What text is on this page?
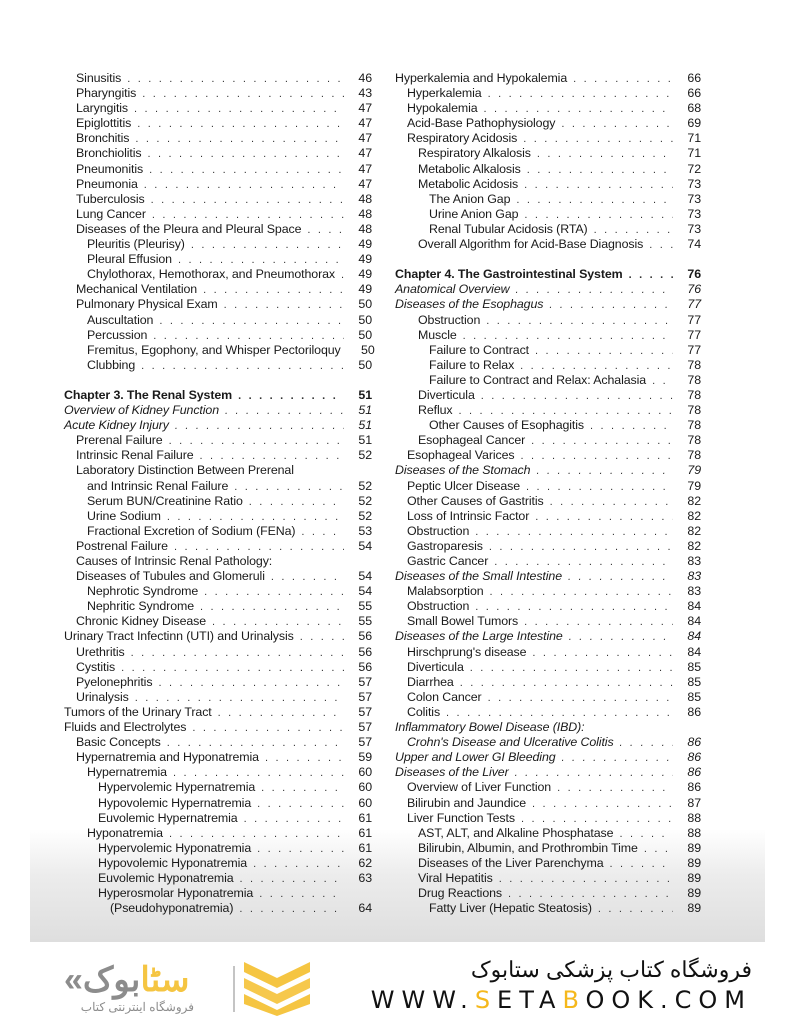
Sinusitis . . .	46
Pharyngitis . . .	43
Laryngitis . . .	47
Epiglottitis . . .	47
Bronchitis . . .	47
Bronchiolitis . . .	47
Pneumonitis . . .	47
Pneumonia . . .	47
Tuberculosis . . .	48
Lung Cancer . . .	48
Diseases of the Pleura and Pleural Space . . .	48
Pleuritis (Pleurisy) . . .	49
Pleural Effusion . . .	49
Chylothorax, Hemothorax, and Pneumothorax . . .	49
Mechanical Ventilation . . .	49
Pulmonary Physical Exam . . .	50
Auscultation . . .	50
Percussion . . .	50
Fremitus, Egophony, and Whisper Pectoriloquy	50
Clubbing . . .	50
Chapter 3. The Renal System . . .	51
Overview of Kidney Function . . .	51
Acute Kidney Injury . . .	51
Prerenal Failure . . .	51
Intrinsic Renal Failure . . .	52
Laboratory Distinction Between Prerenal
and Intrinsic Renal Failure . . .	52
Serum BUN/Creatinine Ratio . . .	52
Urine Sodium . . .	52
Fractional Excretion of Sodium (FENa) . . .	53
Postrenal Failure . . .	54
Causes of Intrinsic Renal Pathology:
Diseases of Tubules and Glomeruli . . .	54
Nephrotic Syndrome . . .	54
Nephritic Syndrome . . .	55
Chronic Kidney Disease . . .	55
Urinary Tract Infectinn (UTI) and Urinalysis . . .	56
Urethritis . . .	56
Cystitis . . .	56
Pyelonephritis . . .	57
Urinalysis . . .	57
Tumors of the Urinary Tract . . .	57
Fluids and Electrolytes . . .	57
Basic Concepts . . .	57
Hypernatremia and Hyponatremia . . .	59
Hypernatremia . . .	60
Hypervolemic Hypernatremia . . .	60
Hypovolemic Hypernatremia . . .	60
Euvolemic Hypernatremia . . .	61
Hyponatremia . . .	61
Hypervolemic Hyponatremia . . .	61
Hypovolemic Hyponatremia . . .	62
Euvolemic Hyponatremia . . .	63
Hyperosmolar Hyponatremia
. . .
(Pseudohyponatremia) . . .	64
Hyperkalemia and Hypokalemia . . .	66
Hyperkalemia . . .	66
Hypokalemia . . .	68
Acid-Base Pathophysiology . . .	69
Respiratory Acidosis . . .	71
Respiratory Alkalosis . . .	71
Metabolic Alkalosis . . .	72
Metabolic Acidosis . . .	73
The Anion Gap . . .	73
Urine Anion Gap . . .	73
Renal Tubular Acidosis (RTA) . . .	73
Overall Algorithm for Acid-Base Diagnosis . . .	74
Chapter 4. The Gastrointestinal System . . .	76
Anatomical Overview . . .	76
Diseases of the Esophagus . . .	77
Obstruction . . .	77
Muscle . . .	77
Failure to Contract . . .	77
Failure to Relax . . .	78
Failure to Contract and Relax: Achalasia . . .	78
Diverticula . . .	78
Reflux . . .	78
Other Causes of Esophagitis . . .	78
Esophageal Cancer . . .	78
Esophageal Varices . . .	78
Diseases of the Stomach . . .	79
Peptic Ulcer Disease . . .	79
Other Causes of Gastritis . . .	82
Loss of Intrinsic Factor . . .	82
Obstruction . . .	82
Gastroparesis . . .	82
Gastric Cancer . . .	83
Diseases of the Small Intestine . . .	83
Malabsorption . . .	83
Obstruction . . .	84
Small Bowel Tumors . . .	84
Diseases of the Large Intestine . . .	84
Hirschprung's disease . . .	84
Diverticula . . .	85
Diarrhea . . .	85
Colon Cancer . . .	85
Colitis . . .	86
Inflammatory Bowel Disease (IBD):
Crohn's Disease and Ulcerative Colitis . . .	86
Upper and Lower GI Bleeding . . .	86
Diseases of the Liver . . .	86
Overview of Liver Function . . .	86
Bilirubin and Jaundice . . .	87
Liver Function Tests . . .	88
AST, ALT, and Alkaline Phosphatase . . .	88
Bilirubin, Albumin, and Prothrombin Time . . .	89
Diseases of the Liver Parenchyma . . .	89
Viral Hepatitis . . .	89
Drug Reactions . . .	89
Fatty Liver (Hepatic Steatosis) . . .	89
« سٹابوک
فروشگاه اینترنتی کتاب
فروشگاه کتاب پزشکی ستابوک
WWW.SETABOOK.COM
